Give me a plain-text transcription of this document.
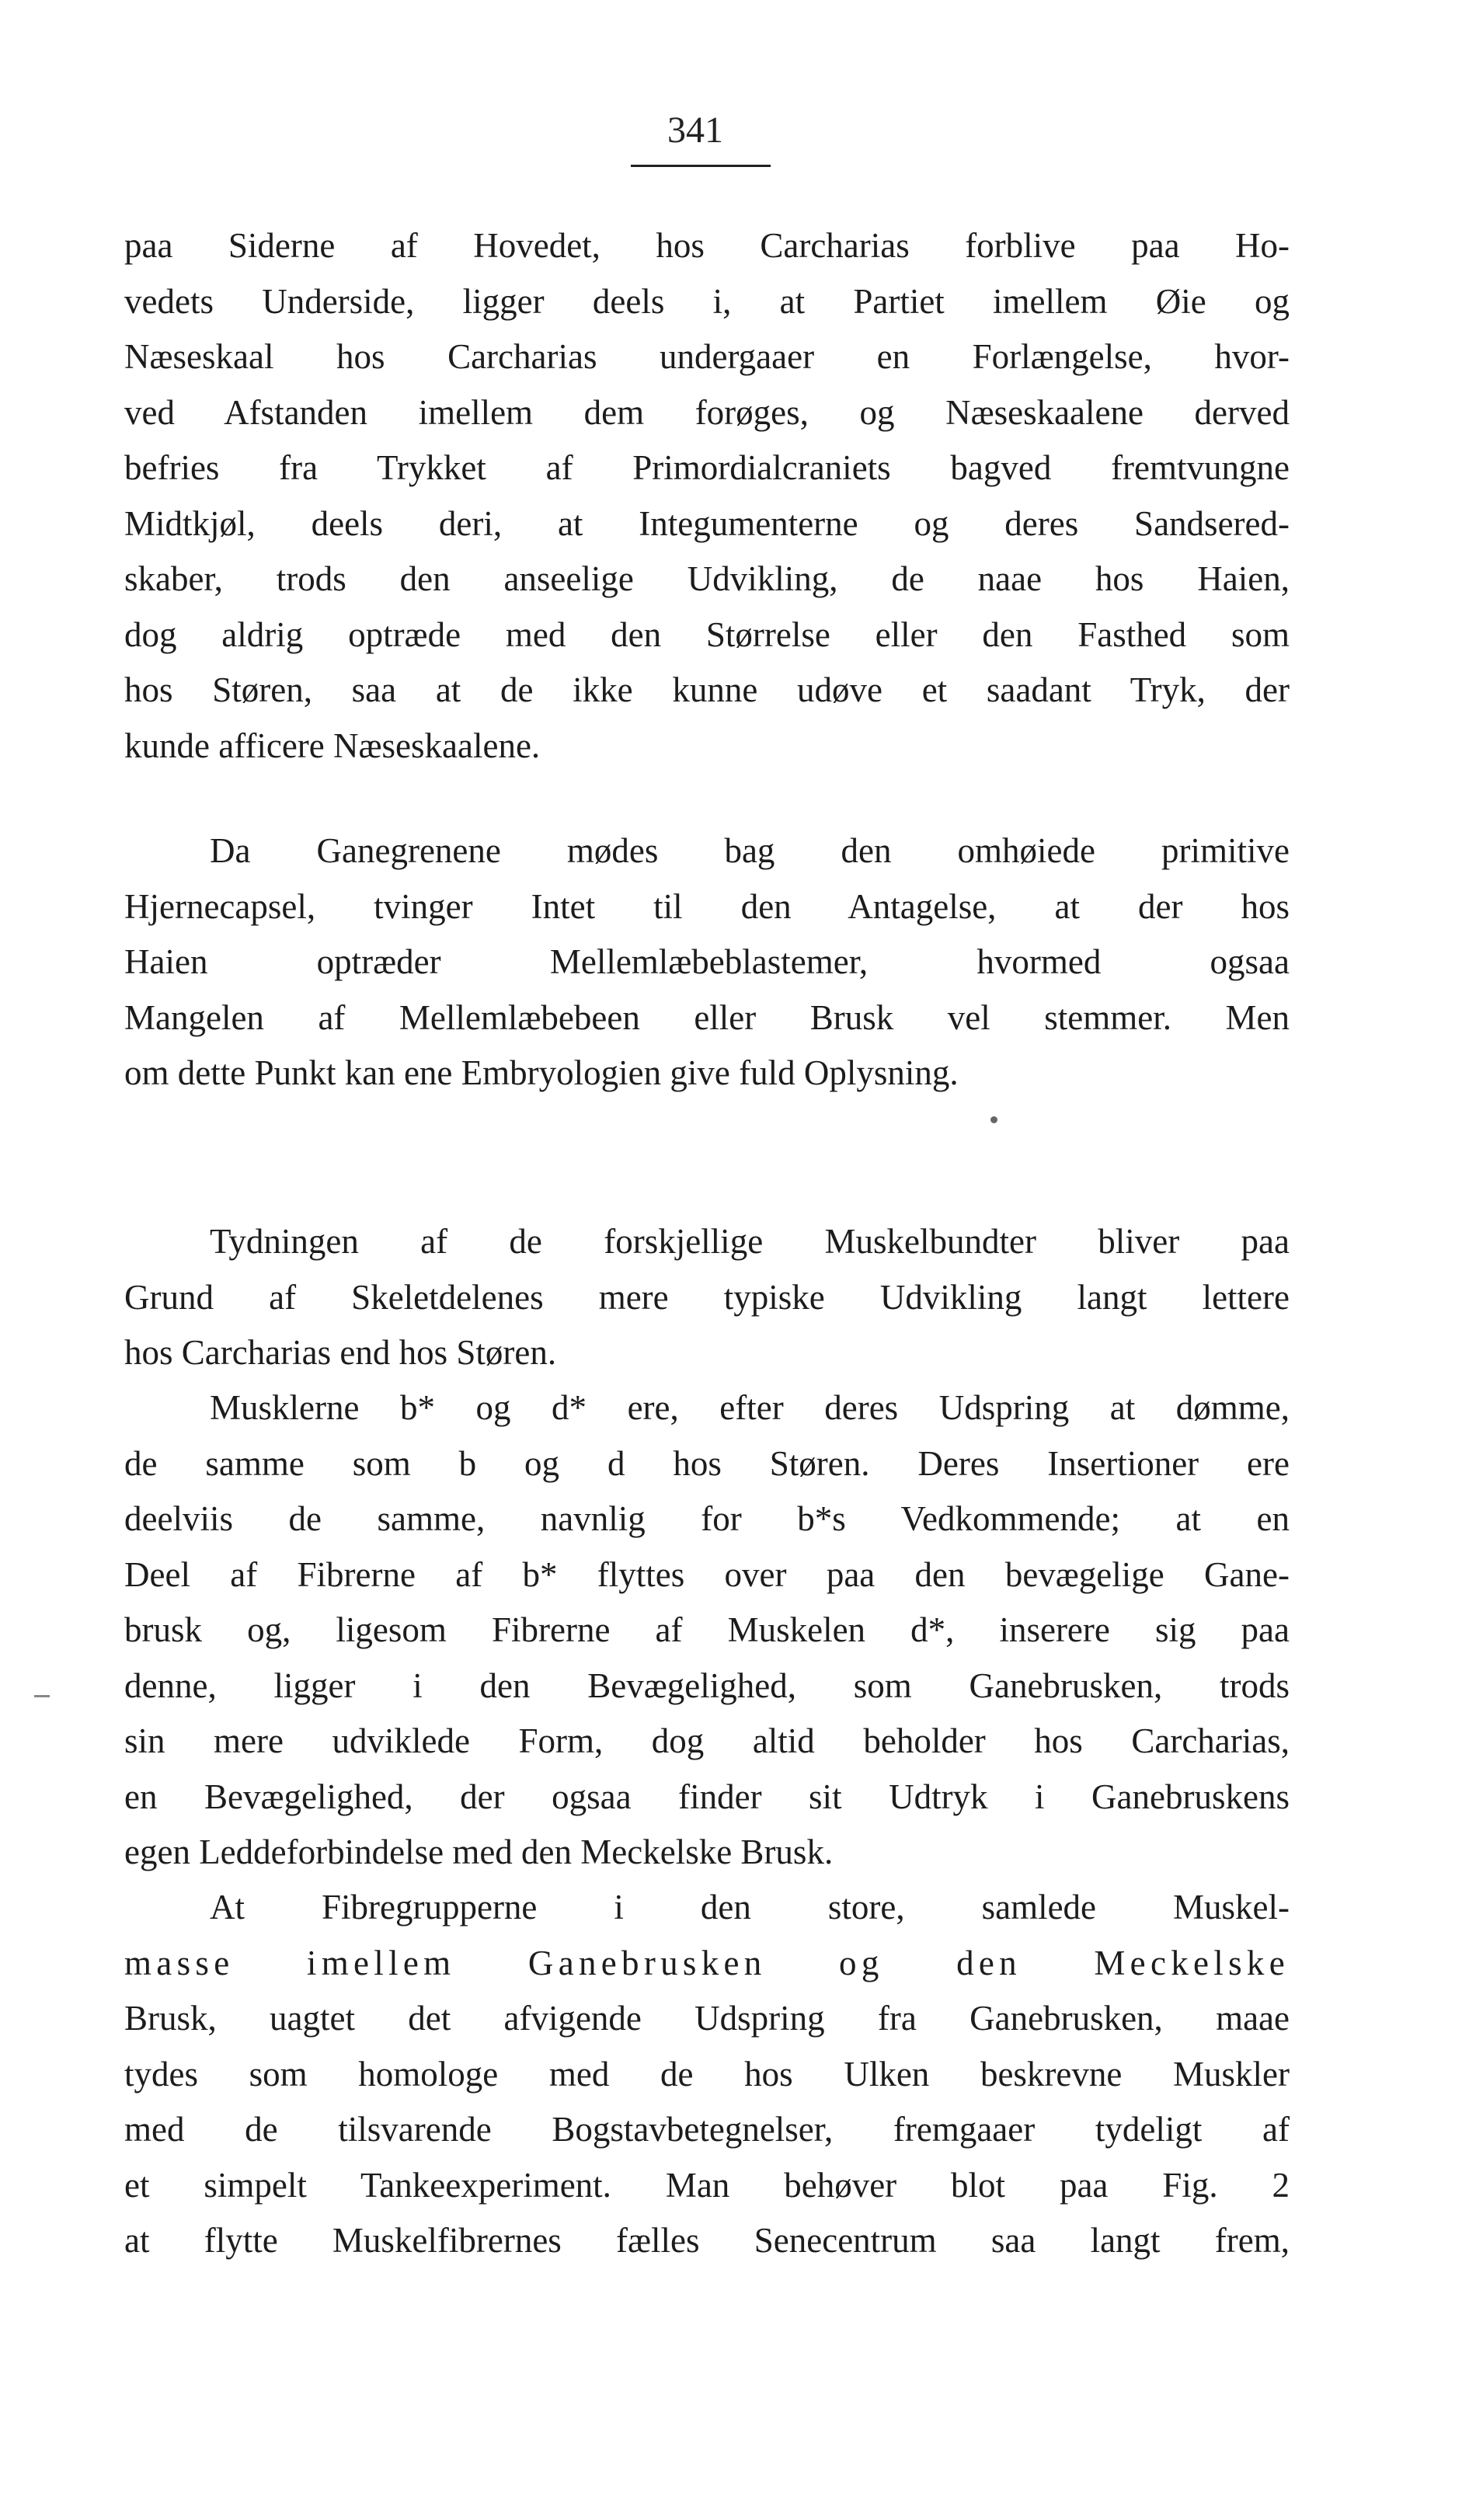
341
paa Siderne af Hovedet, hos Carcharias forblive paa Ho-
vedets Underside, ligger deels i, at Partiet imellem Øie og
Næseskaal hos Carcharias undergaaer en Forlængelse, hvor-
ved Afstanden imellem dem forøges, og Næseskaalene derved
befries fra Trykket af Primordialcraniets bagved fremtvungne
Midtkjøl, deels deri, at Integumenterne og deres Sandsered-
skaber, trods den anseelige Udvikling, de naae hos Haien,
dog aldrig optræde med den Størrelse eller den Fasthed som
hos Støren, saa at de ikke kunne udøve et saadant Tryk, der
kunde afficere Næseskaalene.
Da Ganegrenene mødes bag den omhøiede primitive
Hjernecapsel, tvinger Intet til den Antagelse, at der hos
Haien optræder Mellemlæbeblastemer, hvormed ogsaa
Mangelen af Mellemlæbebeen eller Brusk vel stemmer. Men
om dette Punkt kan ene Embryologien give fuld Oplysning.
Tydningen af de forskjellige Muskelbundter bliver paa
Grund af Skeletdelenes mere typiske Udvikling langt lettere
hos Carcharias end hos Støren.
Musklerne b* og d* ere, efter deres Udspring at dømme,
de samme som b og d hos Støren. Deres Insertioner ere
deelviis de samme, navnlig for b*s Vedkommende; at en
Deel af Fibrerne af b* flyttes over paa den bevægelige Gane-
brusk og, ligesom Fibrerne af Muskelen d*, inserere sig paa
denne, ligger i den Bevægelighed, som Ganebrusken, trods
sin mere udviklede Form, dog altid beholder hos Carcharias,
en Bevægelighed, der ogsaa finder sit Udtryk i Ganebruskens
egen Leddeforbindelse med den Meckelske Brusk.
At Fibregrupperne i den store, samlede Muskel-
masse imellem Ganebrusken og den Meckelske
Brusk, uagtet det afvigende Udspring fra Ganebrusken, maae
tydes som homologe med de hos Ulken beskrevne Muskler
med de tilsvarende Bogstavbetegnelser, fremgaaer tydeligt af
et simpelt Tankeexperiment. Man behøver blot paa Fig. 2
at flytte Muskelfibrernes fælles Senecentrum saa langt frem,
